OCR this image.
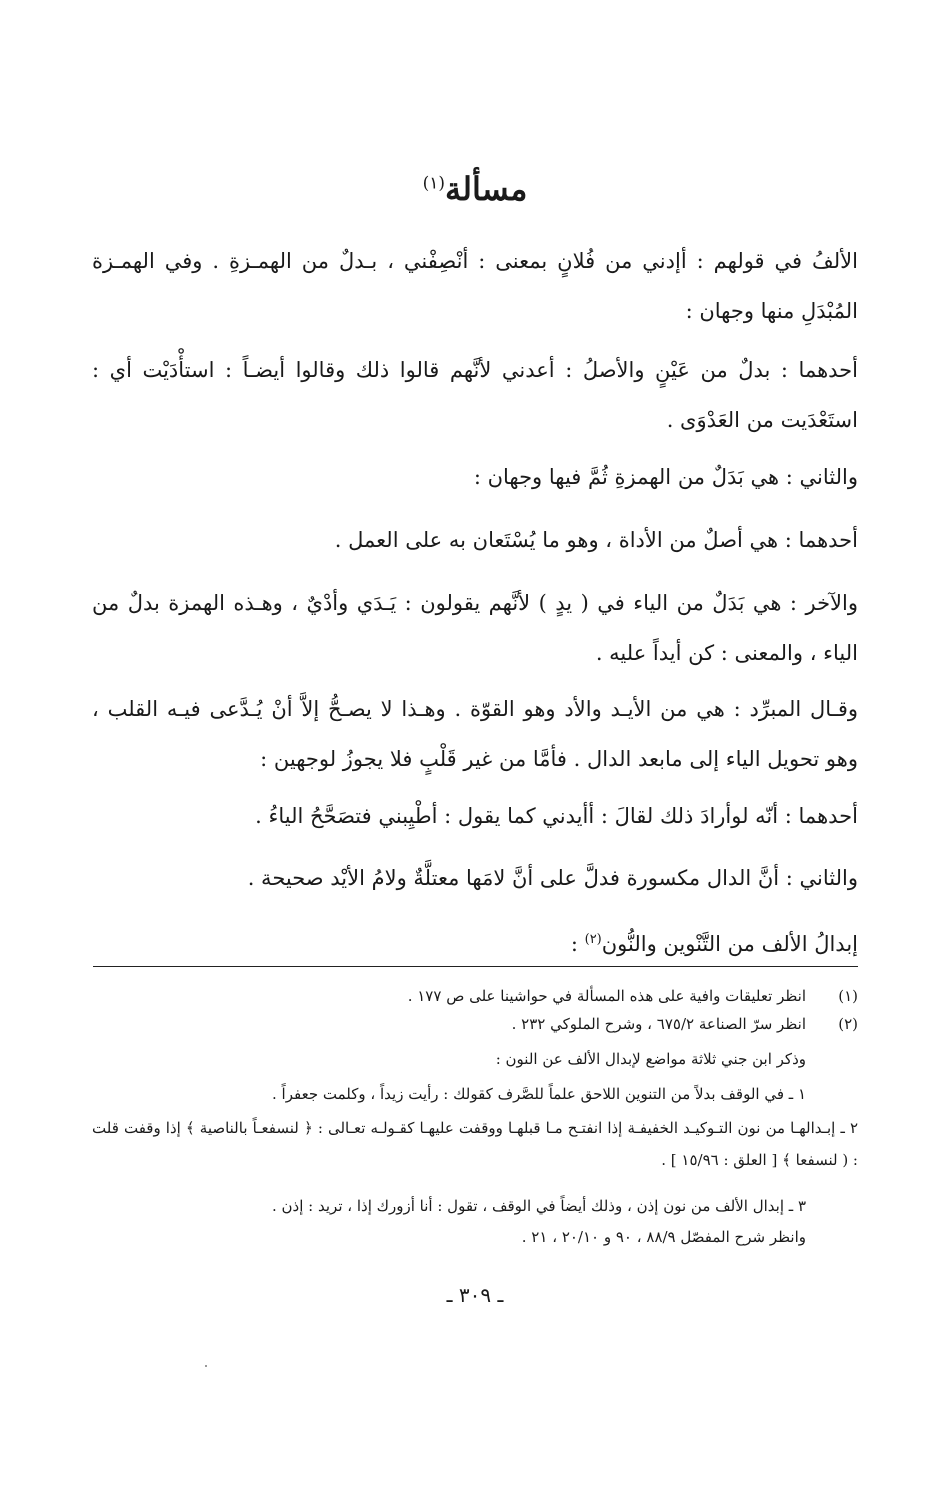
مسألة$^{(١)}$

الألفُ في قولهم : أإدني من فُلانٍ بمعنى : أنْصِفْني ، بـدلٌ من الهمـزةِ . وفي الهمـزة المُبْدَلِ منها وجهان :

أحدهما : بدلٌ من عَيْنٍ والأصلُ : أعدني لأنَّهم قالوا ذلك وقالوا أيضـاً : استأْدَيْت أي : استَعْدَيت من العَدْوَى .

والثاني : هي بَدَلٌ من الهمزةِ ثُمَّ فيها وجهان :

أحدهما : هي أصلٌ من الأداة ، وهو ما يُسْتَعان به على العمل .

والآخر : هي بَدَلٌ من الياء في ( يدٍ ) لأنَّهم يقولون : يَـدَي وأدْيٌ ، وهـذه الهمزة بدلٌ من الياء ، والمعنى : كن أيداً عليه .

وقـال المبرِّد : هي من الأيـد والأد وهو القوّة . وهـذا لا يصـحُّ إلاَّ أنْ يُـدَّعى فيـه القلب ، وهو تحويل الياء إلى مابعد الدال . فأمَّا من غير قَلْبٍ فلا يجوزُ لوجهين :

أحدهما : أنّه لوأرادَ ذلك لقالَ : أأيدني كما يقول : أطْيِبني فتصَحَّحُ الياءُ .

والثاني : أنَّ الدال مكسورة فدلَّ على أنَّ لامَها معتلَّةٌ ولامُ الأيْد صحيحة .

إبدالُ الألف من التَّنْوين والنُّون$^{(٢)}$ :

(١)
انظر تعليقات وافية على هذه المسألة في حواشينا على ص ١٧٧ .
(٢)
انظر سرّ الصناعة ٦٧٥/٢ ، وشرح الملوكي ٢٣٢ .

وذكر ابن جني ثلاثة مواضع لإبدال الألف عن النون :

١ ـ في الوقف بدلاً من التنوين اللاحق علماً للصَّرف كقولك : رأيت زيداً ، وكلمت جعفراً .

٢ ـ إبـدالهـا من نون التـوكيـد الخفيفـة إذا انفتـح مـا قبلهـا ووقفت عليهـا كقـولـه تعـالى : ﴿ لنسفعـاً بالناصية ﴾ إذا وقفت قلت : ( لنسفعا ﴾ [ العلق : ١٥/٩٦ ] .

٣ ـ إبدال الألف من نون إذن ، وذلك أيضاً في الوقف ، تقول : أنا أزورك إذا ، تريد : إذن .

وانظر شرح المفصّل ٨٨/٩ ، ٩٠ و ٢٠/١٠ ، ٢١ .

ـ ٣٠٩ ـ
